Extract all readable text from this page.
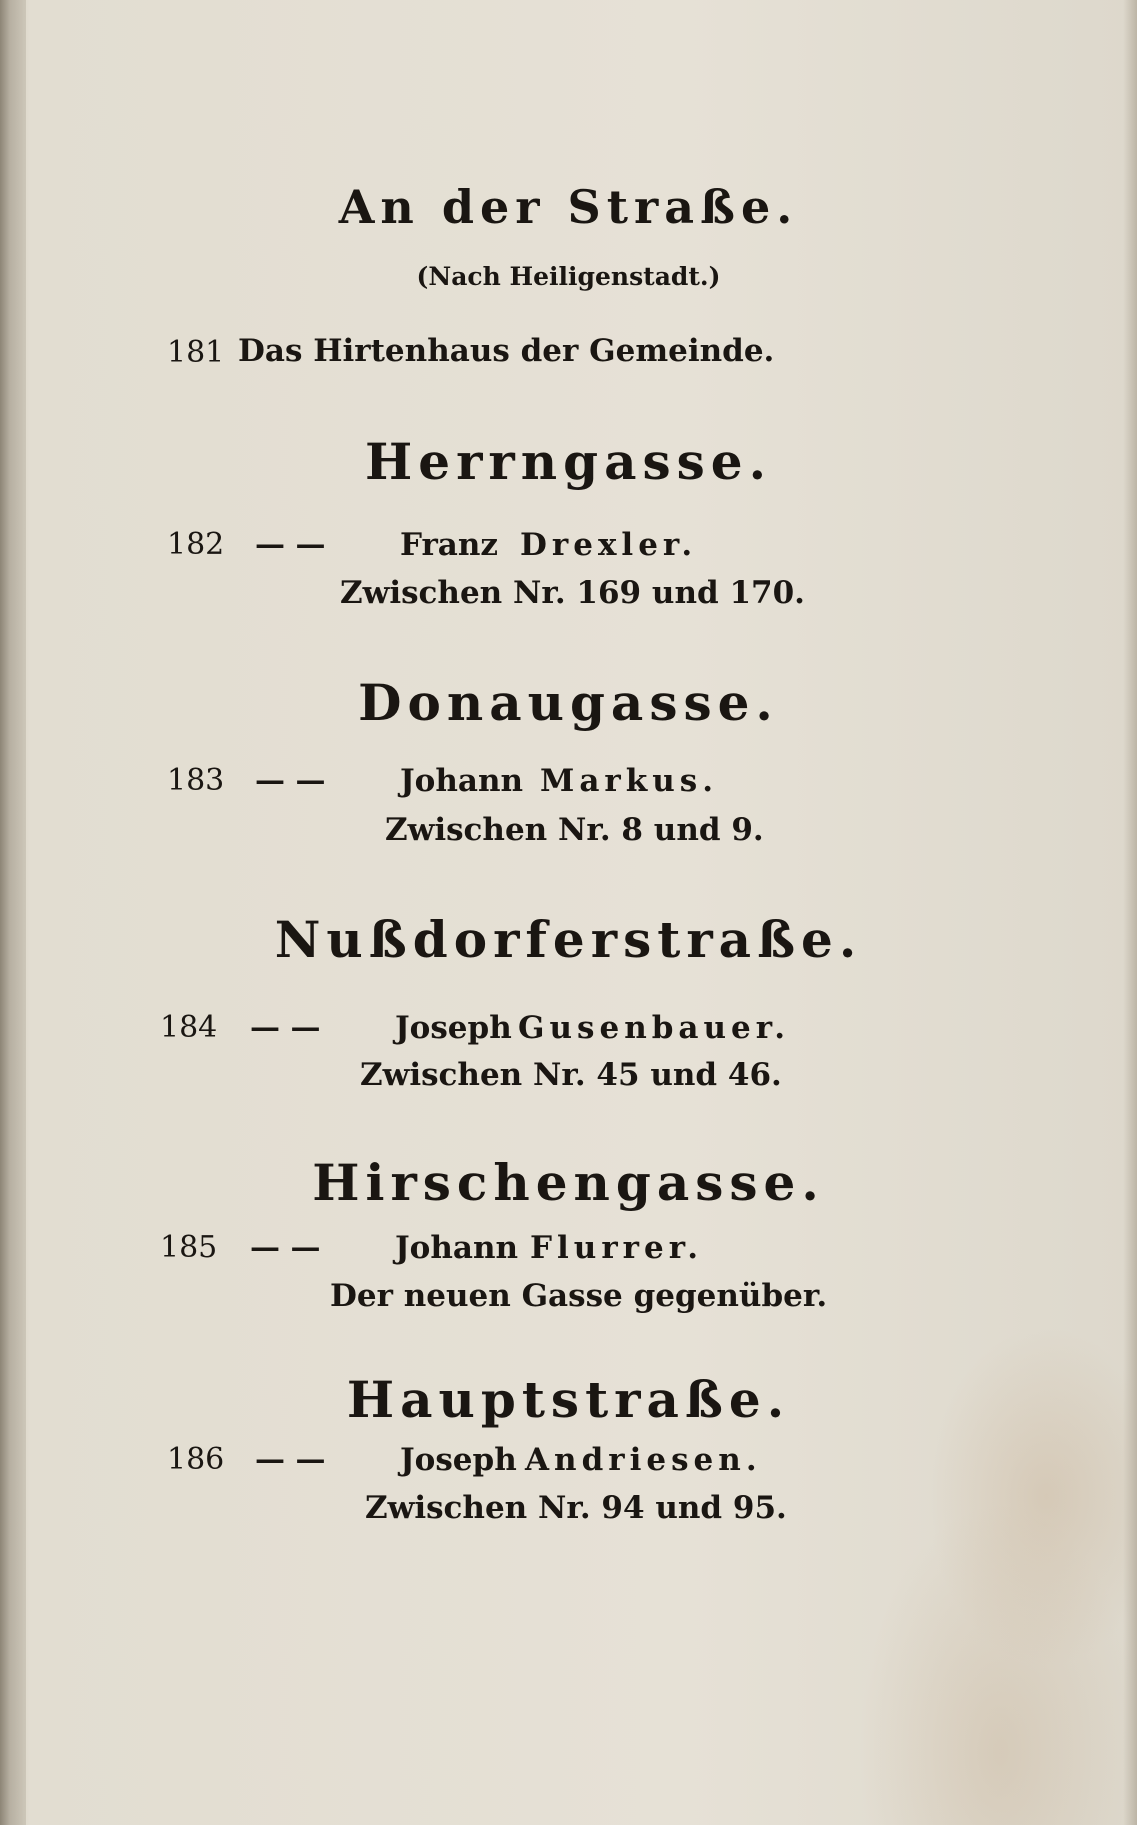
An der Straße.
(Nach Heiligenstadt.)
181 Das Hirtenhaus der Gemeinde.
Herrngasse.
182 — — Franz Drexler.
Zwischen Nr. 169 und 170.
Donaugasse.
183 — — Johann Markus.
Zwischen Nr. 8 und 9.
Nußdorferstraße.
184 — — Joseph Gusenbauer.
Zwischen Nr. 45 und 46.
Hirschengasse.
185 — — Johann Flurrer.
Der neuen Gasse gegenüber.
Hauptstraße.
186 — — Joseph Andriesen.
Zwischen Nr. 94 und 95.
